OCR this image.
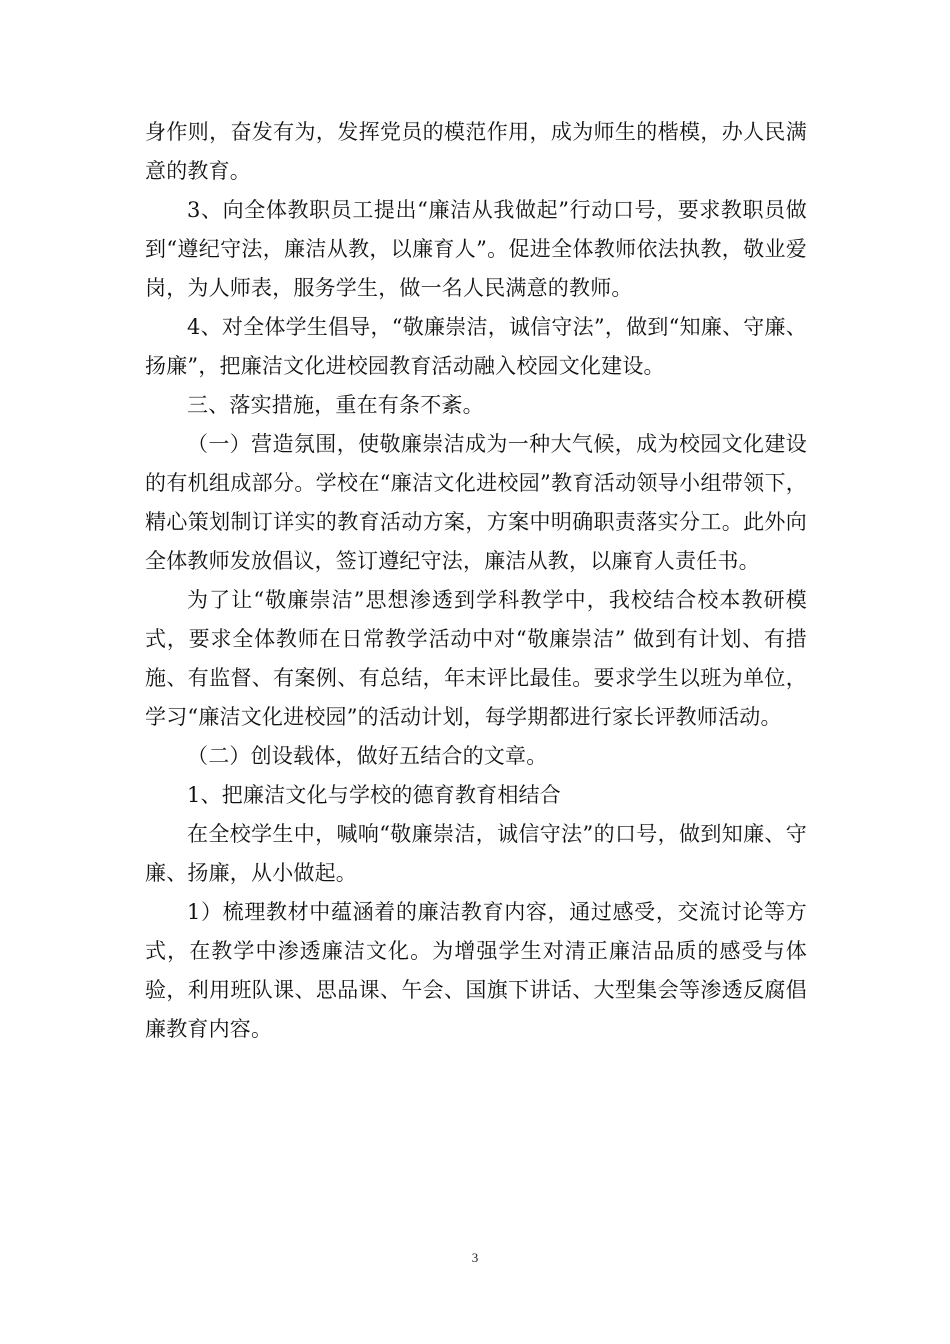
身作则，奋发有为，发挥党员的模范作用，成为师生的楷模，办人民满意的教育。

3、向全体教职员工提出“廉洁从我做起”行动口号，要求教职员做到“遵纪守法，廉洁从教，以廉育人”。促进全体教师依法执教，敬业爱岗，为人师表，服务学生，做一名人民满意的教师。

4、对全体学生倡导，“敬廉崇洁，诚信守法”，做到“知廉、守廉、扬廉”，把廉洁文化进校园教育活动融入校园文化建设。

三、落实措施，重在有条不紊。

（一）营造氛围，使敬廉崇洁成为一种大气候，成为校园文化建设的有机组成部分。学校在“廉洁文化进校园”教育活动领导小组带领下，精心策划制订详实的教育活动方案，方案中明确职责落实分工。此外向全体教师发放倡议，签订遵纪守法，廉洁从教，以廉育人责任书。

为了让“敬廉崇洁”思想渗透到学科教学中，我校结合校本教研模式，要求全体教师在日常教学活动中对“敬廉崇洁” 做到有计划、有措施、有监督、有案例、有总结，年末评比最佳。要求学生以班为单位，学习“廉洁文化进校园”的活动计划，每学期都进行家长评教师活动。

（二）创设载体，做好五结合的文章。

1、把廉洁文化与学校的德育教育相结合

在全校学生中，喊响“敬廉崇洁，诚信守法”的口号，做到知廉、守廉、扬廉，从小做起。

1）梳理教材中蕴涵着的廉洁教育内容，通过感受，交流讨论等方式，在教学中渗透廉洁文化。为增强学生对清正廉洁品质的感受与体验，利用班队课、思品课、午会、国旗下讲话、大型集会等渗透反腐倡廉教育内容。

3
